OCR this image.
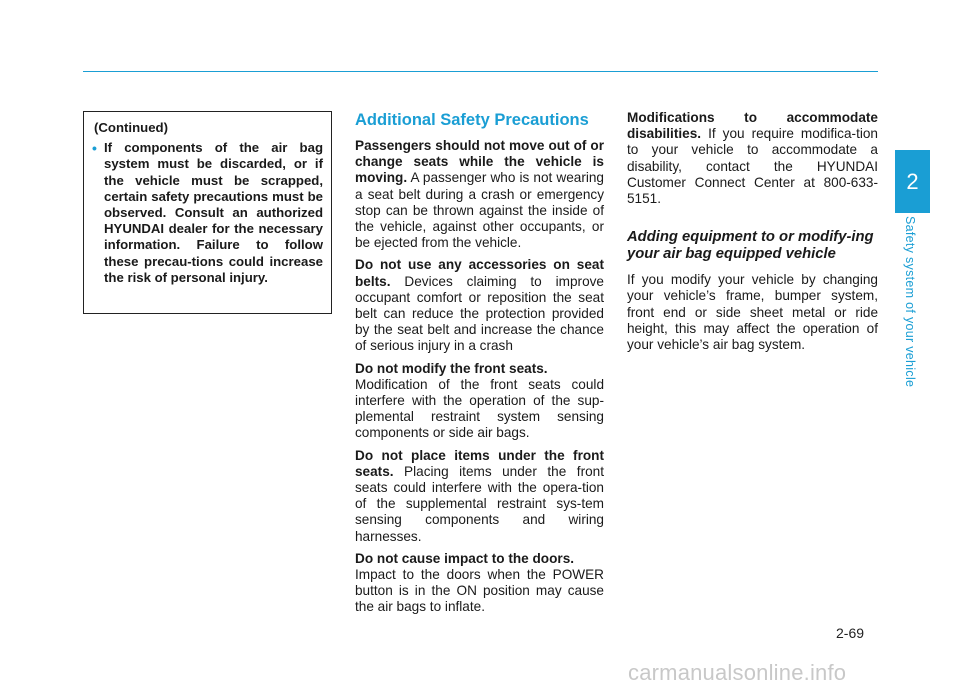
(Continued)
• If components of the air bag system must be discarded, or if the vehicle must be scrapped, certain safety precautions must be observed. Consult an authorized HYUNDAI dealer for the necessary information. Failure to follow these precau-tions could increase the risk of personal injury.
Additional Safety Precautions

Passengers should not move out of or change seats while the vehicle is moving. A passenger who is not wearing a seat belt during a crash or emergency stop can be thrown against the inside of the vehicle, against other occupants, or be ejected from the vehicle.

Do not use any accessories on seat belts. Devices claiming to improve occupant comfort or reposition the seat belt can reduce the protection provided by the seat belt and increase the chance of serious injury in a crash

Do not modify the front seats.
Modification of the front seats could interfere with the operation of the sup-plemental restraint system sensing components or side air bags.

Do not place items under the front seats. Placing items under the front seats could interfere with the opera-tion of the supplemental restraint sys-tem sensing components and wiring harnesses.

Do not cause impact to the doors.
Impact to the doors when the POWER button is in the ON position may cause the air bags to inflate.

Modifications to accommodate disabilities. If you require modifica-tion to your vehicle to accommodate a disability, contact the HYUNDAI Customer Connect Center at 800-633-5151.

Adding equipment to or modify-ing your air bag equipped vehicle

If you modify your vehicle by changing your vehicle’s frame, bumper system, front end or side sheet metal or ride height, this may affect the operation of your vehicle’s air bag system.

2
Safety system of your vehicle
2-69
carmanualsonline.info
